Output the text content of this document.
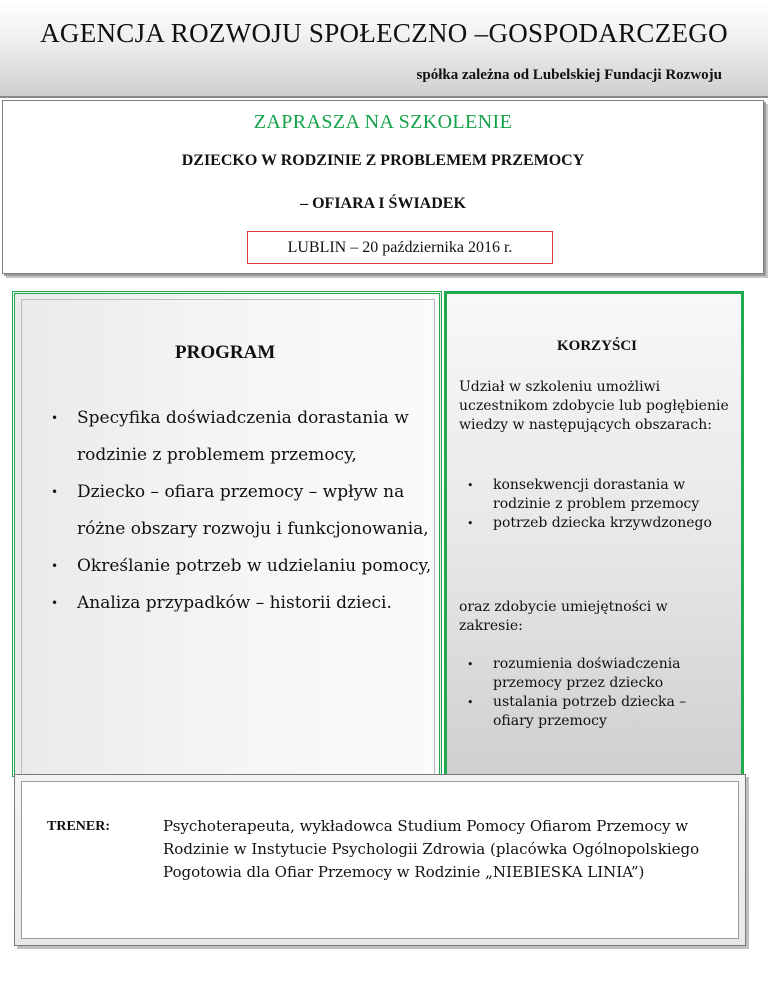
AGENCJA ROZWOJU SPOŁECZNO –GOSPODARCZEGO
spółka zależna od Lubelskiej Fundacji Rozwoju
ZAPRASZA NA SZKOLENIE
DZIECKO W RODZINIE Z PROBLEMEM PRZEMOCY
– OFIARA I ŚWIADEK
LUBLIN – 20 października 2016 r.
PROGRAM
• Specyfika doświadczenia dorastania w rodzinie z problemem przemocy,
• Dziecko – ofiara przemocy – wpływ na różne obszary rozwoju i funkcjonowania,
• Określanie potrzeb w udzielaniu pomocy,
• Analiza przypadków – historii dzieci.
KORZYŚCI
Udział w szkoleniu umożliwi uczestnikom zdobycie lub pogłębienie wiedzy w następujących obszarach:
• konsekwencji dorastania w rodzinie z problem przemocy
• potrzeb dziecka krzywdzonego
oraz zdobycie umiejętności w zakresie:
• rozumienia doświadczenia przemocy przez dziecko
• ustalania potrzeb dziecka – ofiary przemocy
TRENER:	Psychoterapeuta, wykładowca Studium Pomocy Ofiarom Przemocy w Rodzinie w Instytucie Psychologii Zdrowia (placówka Ogólnopolskiego Pogotowia dla Ofiar Przemocy w Rodzinie „NIEBIESKA LINIA”)
